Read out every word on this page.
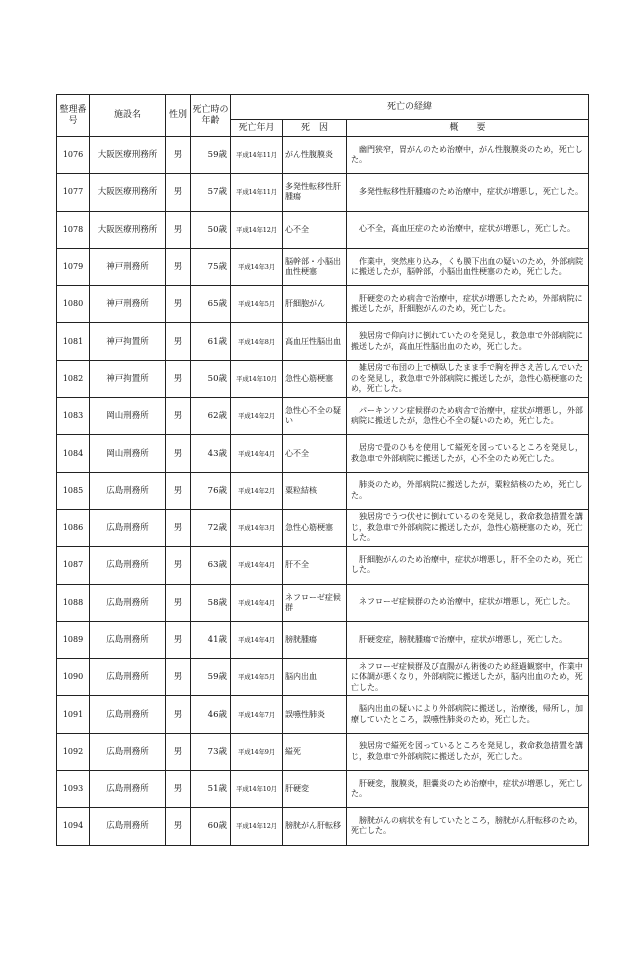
整理番号	施設名	性別	死亡時の年齢	死亡の経緯		
				死亡年月	死　因	概　　要
1076	大阪医療刑務所	男	59歳	平成14年11月	がん性腹膜炎	幽門狭窄，胃がんのため治療中，がん性腹膜炎のため，死亡した。
1077	大阪医療刑務所	男	57歳	平成14年11月	多発性転移性肝腫瘍	多発性転移性肝腫瘍のため治療中，症状が増悪し，死亡した。
1078	大阪医療刑務所	男	50歳	平成14年12月	心不全	心不全，高血圧症のため治療中，症状が増悪し，死亡した。
1079	神戸刑務所	男	75歳	平成14年3月	脳幹部・小脳出血性梗塞	作業中，突然座り込み，くも膜下出血の疑いのため，外部病院に搬送したが，脳幹部，小脳出血性梗塞のため，死亡した。
1080	神戸刑務所	男	65歳	平成14年5月	肝細胞がん	肝硬変のため病舎で治療中，症状が増悪したため，外部病院に搬送したが，肝細胞がんのため，死亡した。
1081	神戸拘置所	男	61歳	平成14年8月	高血圧性脳出血	独居房で仰向けに倒れていたのを発見し，救急車で外部病院に搬送したが，高血圧性脳出血のため，死亡した。
1082	神戸拘置所	男	50歳	平成14年10月	急性心筋梗塞	雑居房で布団の上で横臥したまま手で胸を押さえ苦しんでいたのを発見し，救急車で外部病院に搬送したが，急性心筋梗塞のため，死亡した。
1083	岡山刑務所	男	62歳	平成14年2月	急性心不全の疑い	パーキンソン症候群のため病舎で治療中，症状が増悪し，外部病院に搬送したが，急性心不全の疑いのため，死亡した。
1084	岡山刑務所	男	43歳	平成14年4月	心不全	居房で畳のひもを使用して縊死を図っているところを発見し，救急車で外部病院に搬送したが，心不全のため死亡した。
1085	広島刑務所	男	76歳	平成14年2月	粟粒結核	肺炎のため，外部病院に搬送したが，粟粒結核のため，死亡した。
1086	広島刑務所	男	72歳	平成14年3月	急性心筋梗塞	独居房でうつ伏せに倒れているのを発見し，救命救急措置を講じ，救急車で外部病院に搬送したが，急性心筋梗塞のため，死亡した。
1087	広島刑務所	男	63歳	平成14年4月	肝不全	肝細胞がんのため治療中，症状が増悪し，肝不全のため，死亡した。
1088	広島刑務所	男	58歳	平成14年4月	ネフローゼ症候群	ネフローゼ症候群のため治療中，症状が増悪し，死亡した。
1089	広島刑務所	男	41歳	平成14年4月	膀胱腫瘍	肝硬変症，膀胱腫瘍で治療中，症状が増悪し，死亡した。
1090	広島刑務所	男	59歳	平成14年5月	脳内出血	ネフローゼ症候群及び直腸がん術後のため経過観察中，作業中に体調が悪くなり，外部病院に搬送したが，脳内出血のため，死亡した。
1091	広島刑務所	男	46歳	平成14年7月	誤嚥性肺炎	脳内出血の疑いにより外部病院に搬送し，治療後，帰所し，加療していたところ，誤嚥性肺炎のため，死亡した。
1092	広島刑務所	男	73歳	平成14年9月	縊死	独居房で縊死を図っているところを発見し，救命救急措置を講じ，救急車で外部病院に搬送したが，死亡した。
1093	広島刑務所	男	51歳	平成14年10月	肝硬変	肝硬変，腹膜炎，胆嚢炎のため治療中，症状が増悪し，死亡した。
1094	広島刑務所	男	60歳	平成14年12月	膀胱がん肝転移	膀胱がんの病状を有していたところ，膀胱がん肝転移のため，死亡した。
